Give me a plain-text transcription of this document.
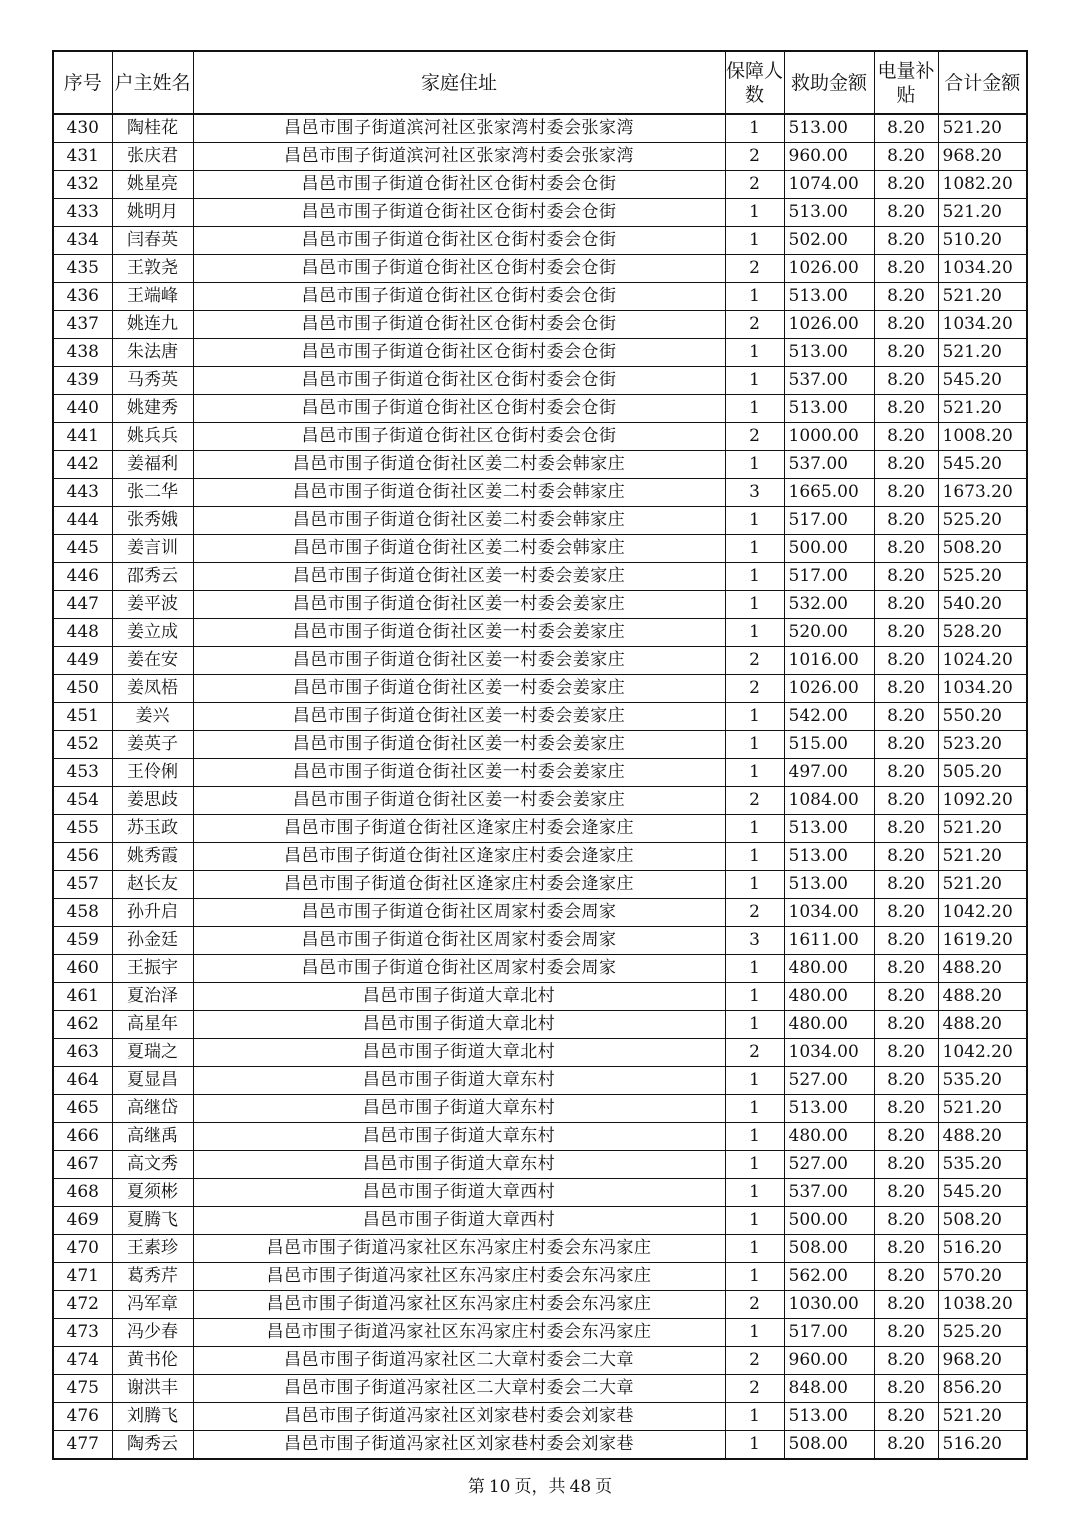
序号	户主姓名	家庭住址	保障人数	救助金额	电量补贴	合计金额
430	陶桂花	昌邑市围子街道滨河社区张家湾村委会张家湾	1	513.00	8.20	521.20
431	张庆君	昌邑市围子街道滨河社区张家湾村委会张家湾	2	960.00	8.20	968.20
432	姚星亮	昌邑市围子街道仓街社区仓街村委会仓街	2	1074.00	8.20	1082.20
433	姚明月	昌邑市围子街道仓街社区仓街村委会仓街	1	513.00	8.20	521.20
434	闫春英	昌邑市围子街道仓街社区仓街村委会仓街	1	502.00	8.20	510.20
435	王敦尧	昌邑市围子街道仓街社区仓街村委会仓街	2	1026.00	8.20	1034.20
436	王端峰	昌邑市围子街道仓街社区仓街村委会仓街	1	513.00	8.20	521.20
437	姚连九	昌邑市围子街道仓街社区仓街村委会仓街	2	1026.00	8.20	1034.20
438	朱法唐	昌邑市围子街道仓街社区仓街村委会仓街	1	513.00	8.20	521.20
439	马秀英	昌邑市围子街道仓街社区仓街村委会仓街	1	537.00	8.20	545.20
440	姚建秀	昌邑市围子街道仓街社区仓街村委会仓街	1	513.00	8.20	521.20
441	姚兵兵	昌邑市围子街道仓街社区仓街村委会仓街	2	1000.00	8.20	1008.20
442	姜福利	昌邑市围子街道仓街社区姜二村委会韩家庄	1	537.00	8.20	545.20
443	张二华	昌邑市围子街道仓街社区姜二村委会韩家庄	3	1665.00	8.20	1673.20
444	张秀娥	昌邑市围子街道仓街社区姜二村委会韩家庄	1	517.00	8.20	525.20
445	姜言训	昌邑市围子街道仓街社区姜二村委会韩家庄	1	500.00	8.20	508.20
446	邵秀云	昌邑市围子街道仓街社区姜一村委会姜家庄	1	517.00	8.20	525.20
447	姜平波	昌邑市围子街道仓街社区姜一村委会姜家庄	1	532.00	8.20	540.20
448	姜立成	昌邑市围子街道仓街社区姜一村委会姜家庄	1	520.00	8.20	528.20
449	姜在安	昌邑市围子街道仓街社区姜一村委会姜家庄	2	1016.00	8.20	1024.20
450	姜凤梧	昌邑市围子街道仓街社区姜一村委会姜家庄	2	1026.00	8.20	1034.20
451	姜兴	昌邑市围子街道仓街社区姜一村委会姜家庄	1	542.00	8.20	550.20
452	姜英子	昌邑市围子街道仓街社区姜一村委会姜家庄	1	515.00	8.20	523.20
453	王伶俐	昌邑市围子街道仓街社区姜一村委会姜家庄	1	497.00	8.20	505.20
454	姜思歧	昌邑市围子街道仓街社区姜一村委会姜家庄	2	1084.00	8.20	1092.20
455	苏玉政	昌邑市围子街道仓街社区逄家庄村委会逄家庄	1	513.00	8.20	521.20
456	姚秀霞	昌邑市围子街道仓街社区逄家庄村委会逄家庄	1	513.00	8.20	521.20
457	赵长友	昌邑市围子街道仓街社区逄家庄村委会逄家庄	1	513.00	8.20	521.20
458	孙升启	昌邑市围子街道仓街社区周家村委会周家	2	1034.00	8.20	1042.20
459	孙金廷	昌邑市围子街道仓街社区周家村委会周家	3	1611.00	8.20	1619.20
460	王振宇	昌邑市围子街道仓街社区周家村委会周家	1	480.00	8.20	488.20
461	夏治泽	昌邑市围子街道大章北村	1	480.00	8.20	488.20
462	高星年	昌邑市围子街道大章北村	1	480.00	8.20	488.20
463	夏瑞之	昌邑市围子街道大章北村	2	1034.00	8.20	1042.20
464	夏显昌	昌邑市围子街道大章东村	1	527.00	8.20	535.20
465	高继岱	昌邑市围子街道大章东村	1	513.00	8.20	521.20
466	高继禹	昌邑市围子街道大章东村	1	480.00	8.20	488.20
467	高文秀	昌邑市围子街道大章东村	1	527.00	8.20	535.20
468	夏须彬	昌邑市围子街道大章西村	1	537.00	8.20	545.20
469	夏腾飞	昌邑市围子街道大章西村	1	500.00	8.20	508.20
470	王素珍	昌邑市围子街道冯家社区东冯家庄村委会东冯家庄	1	508.00	8.20	516.20
471	葛秀芹	昌邑市围子街道冯家社区东冯家庄村委会东冯家庄	1	562.00	8.20	570.20
472	冯军章	昌邑市围子街道冯家社区东冯家庄村委会东冯家庄	2	1030.00	8.20	1038.20
473	冯少春	昌邑市围子街道冯家社区东冯家庄村委会东冯家庄	1	517.00	8.20	525.20
474	黄书伦	昌邑市围子街道冯家社区二大章村委会二大章	2	960.00	8.20	968.20
475	谢洪丰	昌邑市围子街道冯家社区二大章村委会二大章	2	848.00	8.20	856.20
476	刘腾飞	昌邑市围子街道冯家社区刘家巷村委会刘家巷	1	513.00	8.20	521.20
477	陶秀云	昌邑市围子街道冯家社区刘家巷村委会刘家巷	1	508.00	8.20	516.20
第 10 页，共 48 页
